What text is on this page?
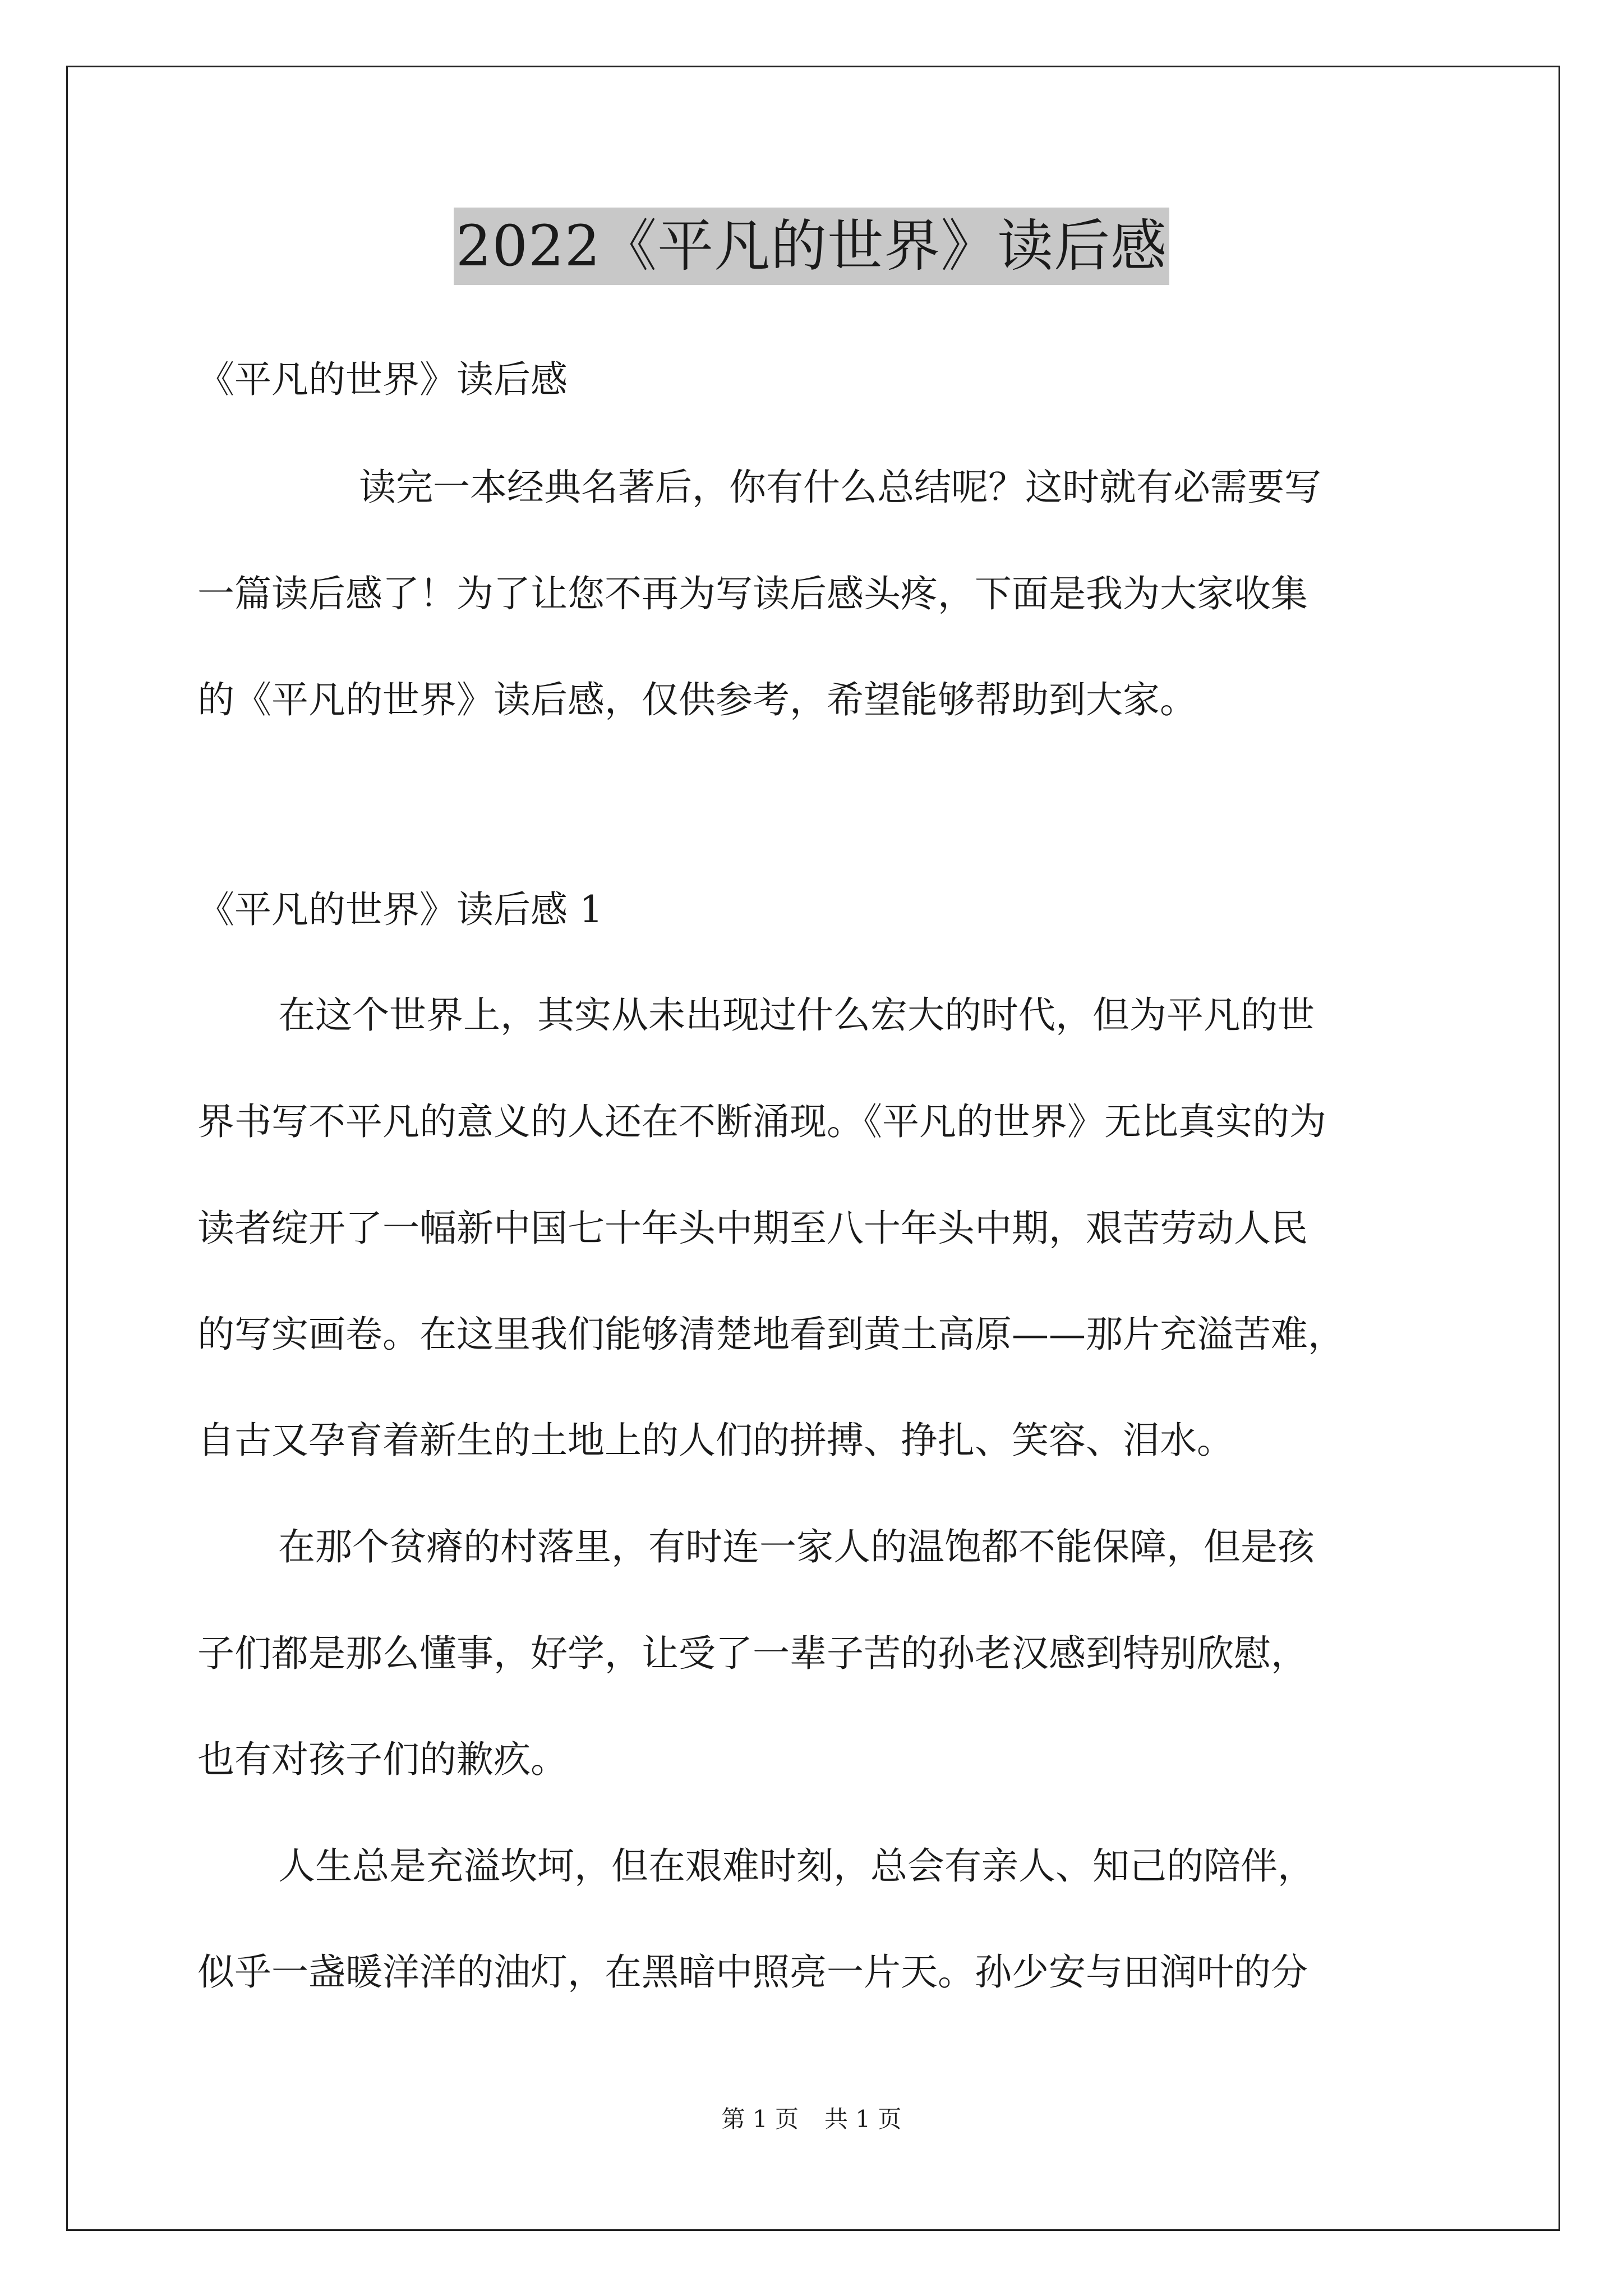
2022《平凡的世界》读后感
《平凡的世界》读后感
读完一本经典名著后，你有什么总结呢？这时就有必需要写
一篇读后感了！为了让您不再为写读后感头疼，下面是我为大家收集
的《平凡的世界》读后感，仅供参考，希望能够帮助到大家。
《平凡的世界》读后感 1
在这个世界上，其实从未出现过什么宏大的时代，但为平凡的世
界书写不平凡的意义的人还在不断涌现。《平凡的世界》无比真实的为
读者绽开了一幅新中国七十年头中期至八十年头中期，艰苦劳动人民
的写实画卷。在这里我们能够清楚地看到黄土高原——那片充溢苦难，
自古又孕育着新生的土地上的人们的拼搏、挣扎、笑容、泪水。
在那个贫瘠的村落里，有时连一家人的温饱都不能保障，但是孩
子们都是那么懂事，好学，让受了一辈子苦的孙老汉感到特别欣慰，
也有对孩子们的歉疚。
人生总是充溢坎坷，但在艰难时刻，总会有亲人、知己的陪伴，
似乎一盏暖洋洋的油灯，在黑暗中照亮一片天。孙少安与田润叶的分
第 1 页 共 1 页
